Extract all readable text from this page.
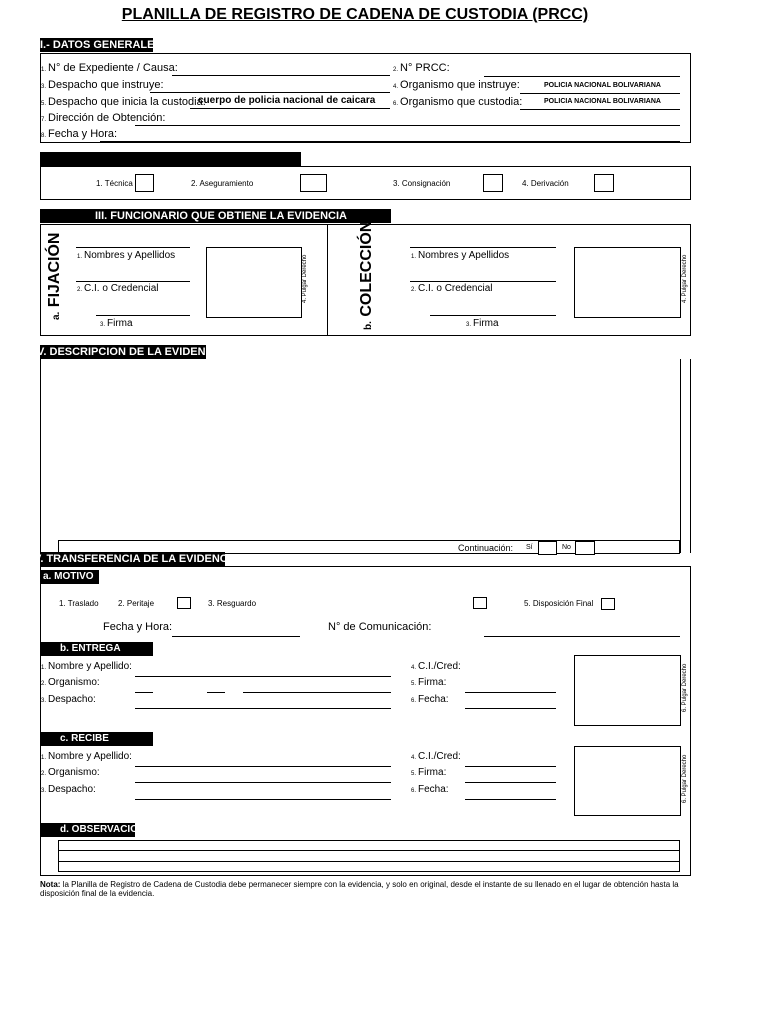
PLANILLA DE REGISTRO DE CADENA DE CUSTODIA (PRCC)
I.- DATOS GENERALES
1. N° de Expediente / Causa:	2. N° PRCC:
3. Despacho que instruye:	4. Organismo que instruye:	POLICIA NACIONAL BOLIVARIANA
5. Despacho que inicia la custodia:
cuerpo de policia nacional de caicara	6. Organismo que custodia:	POLICIA NACIONAL BOLIVARIANA
7. Dirección de Obtención:
8. Fecha y Hora:
1. Técnica	2. Aseguramiento	3. Consignación	4. Derivación
III. FUNCIONARIO QUE OBTIENE LA EVIDENCIA
a. FIJACIÓN 1. Nombres y Apellidos
2. C.I. o Credencial
3. Firma
4. Pulgar Derecho
b. COLECCIÓN	1. Nombres y Apellidos
2. C.I. o Credencial
3. Firma
4. Pulgar Derecho
IV. DESCRIPCION DE LA EVIDENCIA
Continuación: Sí	No
V. TRANSFERENCIA DE LA EVIDENCIA
a. MOTIVO
1. Traslado 2. Peritaje	3. Resguardo	5. Disposición Final
Fecha y Hora:	N° de Comunicación:
b. ENTREGA
1. Nombre y Apellido:
2. Organismo:
3. Despacho:
4. C.I./Cred:
5. Firma:
6. Fecha:	6. Pulgar Derecho
c. RECIBE
1. Nombre y Apellido:
2. Organismo:
3. Despacho:
4. C.I./Cred:
5. Firma:
6. Fecha:	6. Pulgar Derecho
d. OBSERVACIONES
Nota: la Planilla de Registro de Cadena de Custodia debe permanecer siempre con la evidencia, y solo en original, desde el instante de su llenado en el lugar de obtención hasta la disposición final de la evidencia.
